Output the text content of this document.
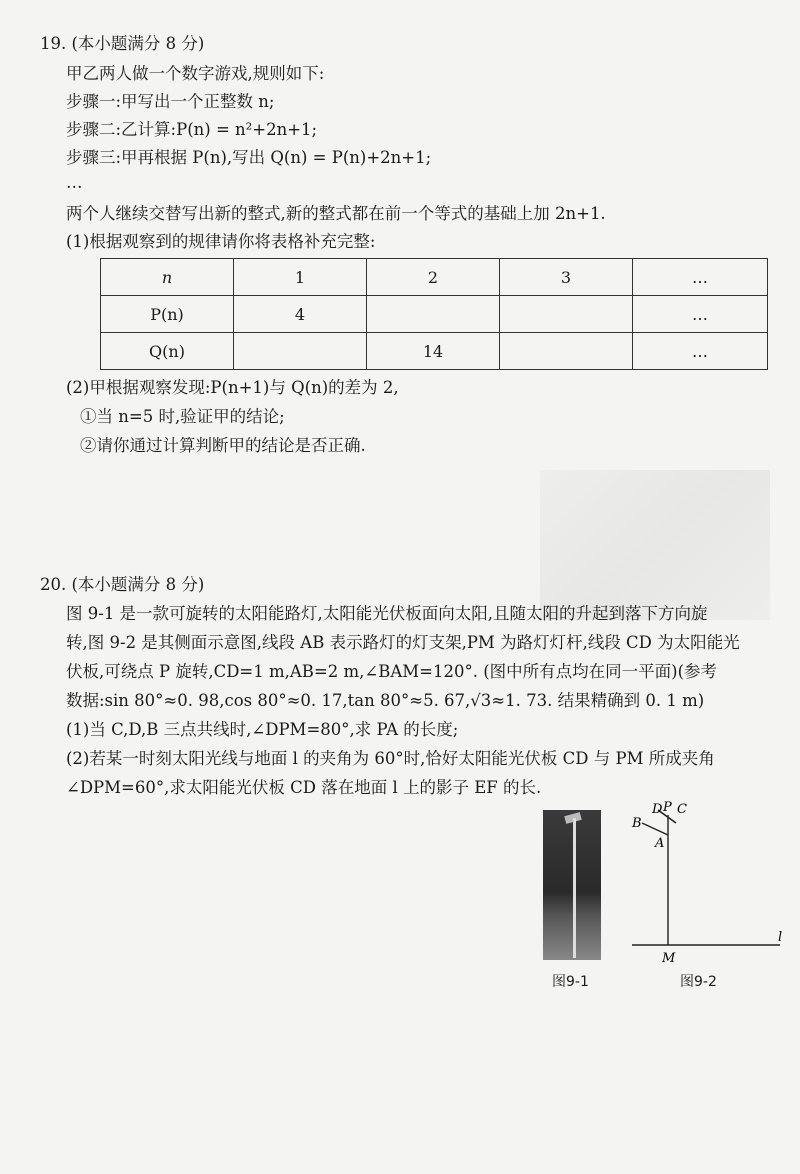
19. (本小题满分 8 分)
甲乙两人做一个数字游戏,规则如下:
步骤一:甲写出一个正整数 n;
步骤二:乙计算:P(n) = n²+2n+1;
步骤三:甲再根据 P(n),写出 Q(n) = P(n)+2n+1;
…
两个人继续交替写出新的整式,新的整式都在前一个等式的基础上加 2n+1.
(1)根据观察到的规律请你将表格补充完整:
n	1	2	3	…
P(n)	4			…
Q(n)		14		…
(2)甲根据观察发现:P(n+1)与 Q(n)的差为 2,
①当 n=5 时,验证甲的结论;
②请你通过计算判断甲的结论是否正确.
20. (本小题满分 8 分)
图 9-1 是一款可旋转的太阳能路灯,太阳能光伏板面向太阳,且随太阳的升起到落下方向旋
转,图 9-2 是其侧面示意图,线段 AB 表示路灯的灯支架,PM 为路灯灯杆,线段 CD 为太阳能光
伏板,可绕点 P 旋转,CD=1 m,AB=2 m,∠BAM=120°. (图中所有点均在同一平面)(参考
数据:sin 80°≈0. 98,cos 80°≈0. 17,tan 80°≈5. 67,√3≈1. 73. 结果精确到 0. 1 m)
(1)当 C,D,B 三点共线时,∠DPM=80°,求 PA 的长度;
(2)若某一时刻太阳光线与地面 l 的夹角为 60°时,恰好太阳能光伏板 CD 与 PM 所成夹角
∠DPM=60°,求太阳能光伏板 CD 落在地面 l 上的影子 EF 的长.
图9-1
B
D P C
A
M
l
图9-2
